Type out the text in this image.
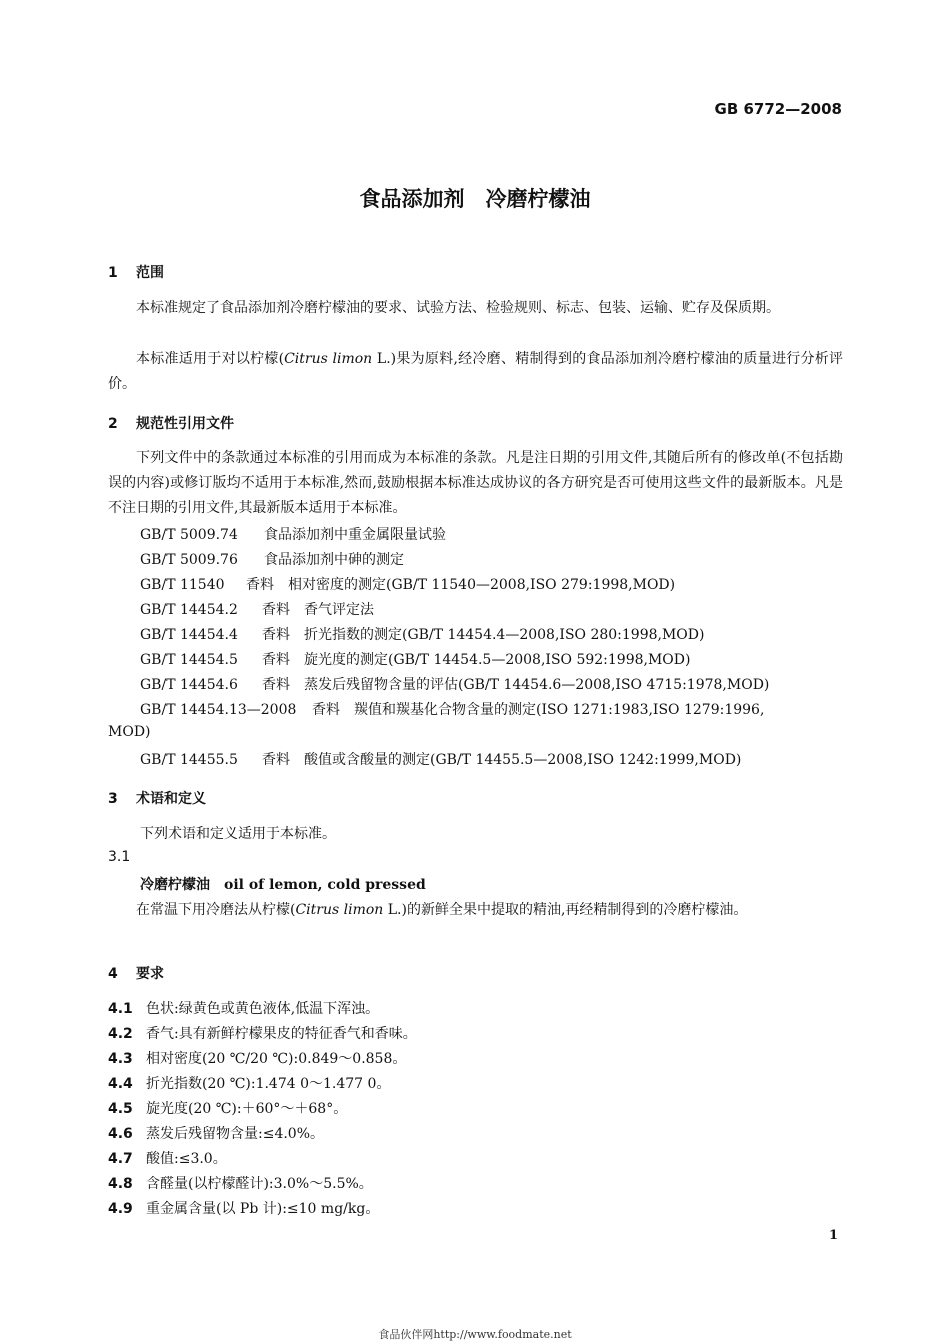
GB 6772—2008
食品添加剂　冷磨柠檬油
1 范围
本标准规定了食品添加剂冷磨柠檬油的要求、试验方法、检验规则、标志、包装、运输、贮存及保质期。
本标准适用于对以柠檬(Citrus limon L.)果为原料,经冷磨、精制得到的食品添加剂冷磨柠檬油的质量进行分析评价。
2 规范性引用文件
下列文件中的条款通过本标准的引用而成为本标准的条款。凡是注日期的引用文件,其随后所有的修改单(不包括勘误的内容)或修订版均不适用于本标准,然而,鼓励根据本标准达成协议的各方研究是否可使用这些文件的最新版本。凡是不注日期的引用文件,其最新版本适用于本标准。
GB/T 5009.74 食品添加剂中重金属限量试验
GB/T 5009.76 食品添加剂中砷的测定
GB/T 11540 香料　相对密度的测定(GB/T 11540—2008,ISO 279:1998,MOD)
GB/T 14454.2 香料　香气评定法
GB/T 14454.4 香料　折光指数的测定(GB/T 14454.4—2008,ISO 280:1998,MOD)
GB/T 14454.5 香料　旋光度的测定(GB/T 14454.5—2008,ISO 592:1998,MOD)
GB/T 14454.6 香料　蒸发后残留物含量的评估(GB/T 14454.6—2008,ISO 4715:1978,MOD)
GB/T 14454.13—2008 香料　羰值和羰基化合物含量的测定(ISO 1271:1983,ISO 1279:1996,
MOD)
GB/T 14455.5 香料　酸值或含酸量的测定(GB/T 14455.5—2008,ISO 1242:1999,MOD)
3 术语和定义
下列术语和定义适用于本标准。
3.1
冷磨柠檬油　oil of lemon, cold pressed
在常温下用冷磨法从柠檬(Citrus limon L.)的新鲜全果中提取的精油,再经精制得到的冷磨柠檬油。
4 要求
4.1 色状:绿黄色或黄色液体,低温下浑浊。
4.2 香气:具有新鲜柠檬果皮的特征香气和香味。
4.3 相对密度(20 ℃/20 ℃):0.849～0.858。
4.4 折光指数(20 ℃):1.474 0～1.477 0。
4.5 旋光度(20 ℃):＋60°～＋68°。
4.6 蒸发后残留物含量:≤4.0%。
4.7 酸值:≤3.0。
4.8 含醛量(以柠檬醛计):3.0%～5.5%。
4.9 重金属含量(以 Pb 计):≤10 mg/kg。
1
食品伙伴网http://www.foodmate.net
